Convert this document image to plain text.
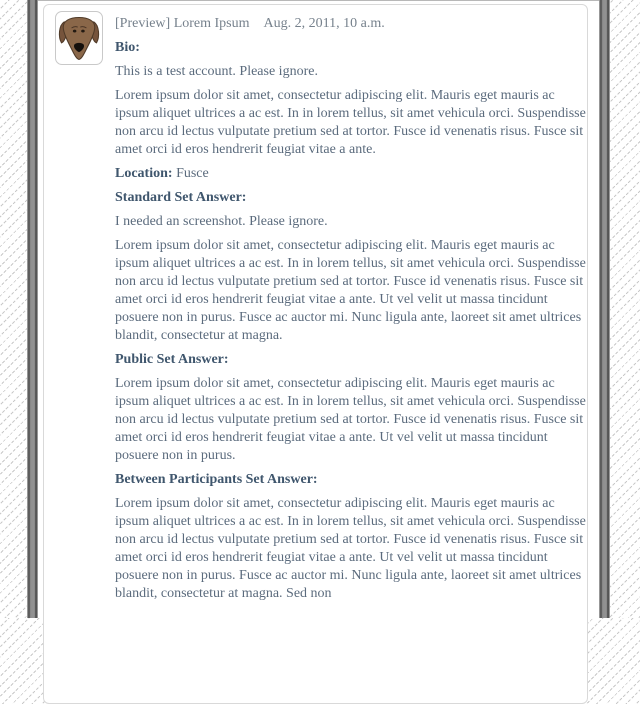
[Preview] Lorem Ipsum Aug. 2, 2011, 10 a.m.

Bio:

This is a test account. Please ignore.

Lorem ipsum dolor sit amet, consectetur adipiscing elit. Mauris eget mauris ac ipsum aliquet ultrices a ac est. In in lorem tellus, sit amet vehicula orci. Suspendisse non arcu id lectus vulputate pretium sed at tortor. Fusce id venenatis risus. Fusce sit amet orci id eros hendrerit feugiat vitae a ante.

Location: Fusce

Standard Set Answer:

I needed an screenshot. Please ignore.

Lorem ipsum dolor sit amet, consectetur adipiscing elit. Mauris eget mauris ac ipsum aliquet ultrices a ac est. In in lorem tellus, sit amet vehicula orci. Suspendisse non arcu id lectus vulputate pretium sed at tortor. Fusce id venenatis risus. Fusce sit amet orci id eros hendrerit feugiat vitae a ante. Ut vel velit ut massa tincidunt posuere non in purus. Fusce ac auctor mi. Nunc ligula ante, laoreet sit amet ultrices blandit, consectetur at magna.

Public Set Answer:

Lorem ipsum dolor sit amet, consectetur adipiscing elit. Mauris eget mauris ac ipsum aliquet ultrices a ac est. In in lorem tellus, sit amet vehicula orci. Suspendisse non arcu id lectus vulputate pretium sed at tortor. Fusce id venenatis risus. Fusce sit amet orci id eros hendrerit feugiat vitae a ante. Ut vel velit ut massa tincidunt posuere non in purus.

Between Participants Set Answer:

Lorem ipsum dolor sit amet, consectetur adipiscing elit. Mauris eget mauris ac ipsum aliquet ultrices a ac est. In in lorem tellus, sit amet vehicula orci. Suspendisse non arcu id lectus vulputate pretium sed at tortor. Fusce id venenatis risus. Fusce sit amet orci id eros hendrerit feugiat vitae a ante. Ut vel velit ut massa tincidunt posuere non in purus. Fusce ac auctor mi. Nunc ligula ante, laoreet sit amet ultrices blandit, consectetur at magna. Sed non
